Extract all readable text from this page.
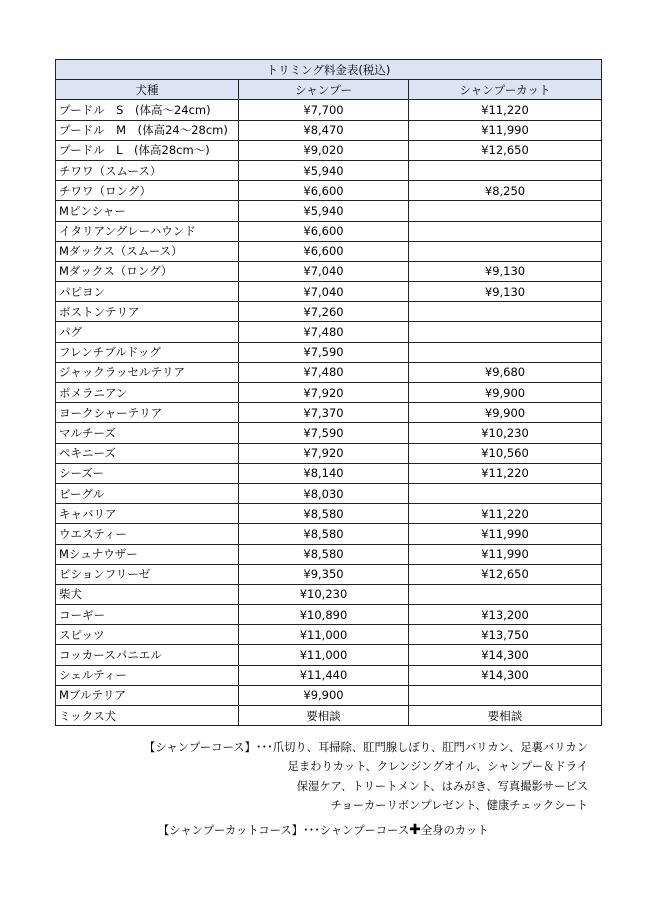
トリミング料金表(税込)		
犬種	シャンプー	シャンプーカット
プードル　S　(体高～24cm)	¥7,700	¥11,220
プードル　M　(体高24～28cm)	¥8,470	¥11,990
プードル　L　(体高28cm～)	¥9,020	¥12,650
チワワ（スムース）	¥5,940	
チワワ（ロング）	¥6,600	¥8,250
Mピンシャー	¥5,940	
イタリアングレーハウンド	¥6,600	
Mダックス（スムース）	¥6,600	
Mダックス（ロング）	¥7,040	¥9,130
パピヨン	¥7,040	¥9,130
ボストンテリア	¥7,260	
パグ	¥7,480	
フレンチブルドッグ	¥7,590	
ジャックラッセルテリア	¥7,480	¥9,680
ポメラニアン	¥7,920	¥9,900
ヨークシャーテリア	¥7,370	¥9,900
マルチーズ	¥7,590	¥10,230
ペキニーズ	¥7,920	¥10,560
シーズー	¥8,140	¥11,220
ビーグル	¥8,030	
キャバリア	¥8,580	¥11,220
ウエスティー	¥8,580	¥11,990
Mシュナウザー	¥8,580	¥11,990
ビションフリーゼ	¥9,350	¥12,650
柴犬	¥10,230	
コーギー	¥10,890	¥13,200
スピッツ	¥11,000	¥13,750
コッカースパニエル	¥11,000	¥14,300
シェルティー	¥11,440	¥14,300
Mブルテリア	¥9,900	
ミックス犬	要相談	要相談
【シャンプーコース】･･･爪切り、耳掃除、肛門腺しぼり、肛門バリカン、足裏バリカン
足まわりカット、クレンジングオイル、シャンプー＆ドライ
保湿ケア、トリートメント、はみがき、写真撮影サービス
チョーカーリボンプレゼント、健康チェックシート
【シャンプーカットコース】･･･シャンプーコース✚全身のカット
